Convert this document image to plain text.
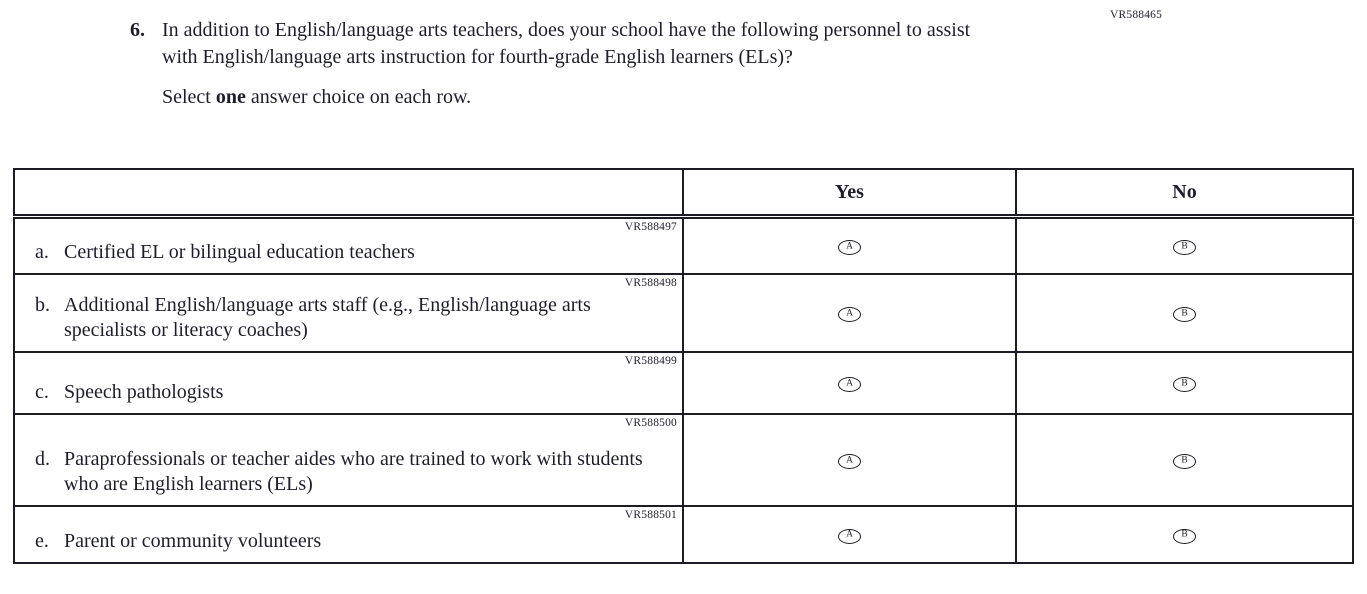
VR588465
6. In addition to English/language arts teachers, does your school have the following personnel to assist with English/language arts instruction for fourth-grade English learners (ELs)?
Select one answer choice on each row.
	Yes	No

VR588497
a. Certified EL or bilingual education teachers	A	B

VR588498
b. Additional English/language arts staff (e.g., English/language arts specialists or literacy coaches)	A	B

VR588499
c. Speech pathologists	A	B

VR588500
d. Paraprofessionals or teacher aides who are trained to work with students who are English learners (ELs)	A	B

VR588501
e. Parent or community volunteers	A	B
